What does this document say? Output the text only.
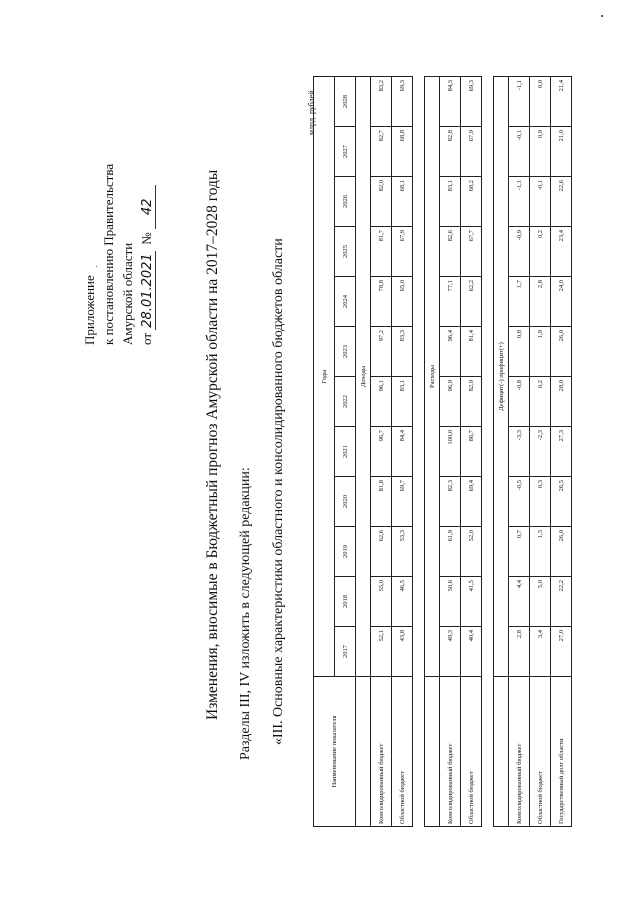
Приложение к постановлению Правительства Амурской области от 28.01.2021  № 42	Изменения, вносимые в Бюджетный прогноз Амурской области на 2017–2028 годы Разделы III, IV изложить в следующей редакции: «III. Основные характеристики областного и консолидированного бюджетов области
млрд. рублей
Наименование показателя	Годы											
	2017	2018	2019	2020	2021	2022	2023	2024	2025	2026	2027	2028
	Доходы											
Консолидированный бюджет	52,1	55,0	62,6	81,8	96,7	96,1	97,2	78,8	81,7	82,0	82,7	83,2
Областной бюджет	43,8	46,5	53,3	69,7	84,4	83,1	83,3	65,0	67,9	68,1	68,8	69,3

	Расходы											
Консолидированный бюджет	49,3	50,6	61,9	82,3	100,0	96,9	96,4	77,1	82,6	83,1	82,8	84,3
Областной бюджет	40,4	41,5	52,0	69,4	86,7	82,9	81,4	62,2	67,7	68,2	67,9	69,3

	Дефицит(-) профицит(+)											
Консолидированный бюджет	2,8	4,4	0,7	-0,5	-3,3	-0,8	0,8	1,7	-0,9	-1,1	-0,1	-1,1
Областной бюджет	3,4	5,0	1,3	0,3	-2,3	0,2	1,9	2,8	0,2	-0,1	0,9	0,0
Государственный долг области	27,0	22,2	26,0	26,5	27,3	28,0	26,0	24,0	23,4	22,6	21,0	21,4
